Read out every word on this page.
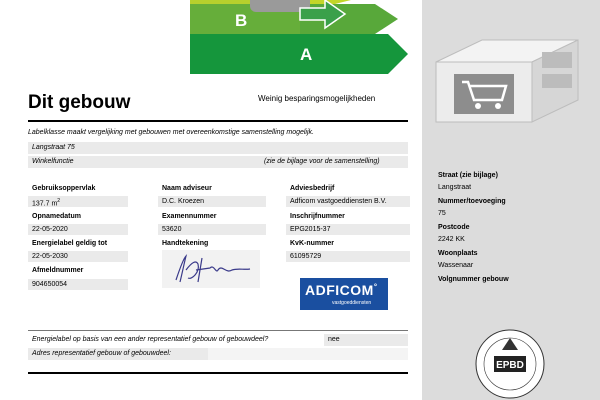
B
A
Dit gebouw	Weinig besparingsmogelijkheden
Labelklasse maakt vergelijking met gebouwen met overeenkomstige samenstelling mogelijk.
Langstraat 75
Winkelfunctie	(zie de bijlage voor de samenstelling)
Gebruiksoppervlak
137.7 $m^2$
Opnamedatum
22-05-2020
Energielabel geldig tot
22-05-2030
Afmeldnummer
904650054
Naam adviseur
D.C. Kroezen
Examennummer
53620
Handtekening
Adviesbedrijf
Adficom vastgoeddiensten B.V.
Inschrijfnummer
EPG2015-37
KvK-nummer
61095729
ADFICOM°
vastgoeddiensten
Energielabel op basis van een ander representatief gebouw of gebouwdeel?	nee
Adres representatief gebouw of gebouwdeel:
Straat (zie bijlage)
Langstraat
Nummer/toevoeging
75
Postcode
2242 KK
Woonplaats
Wassenaar
Volgnummer gebouw
EPBD
